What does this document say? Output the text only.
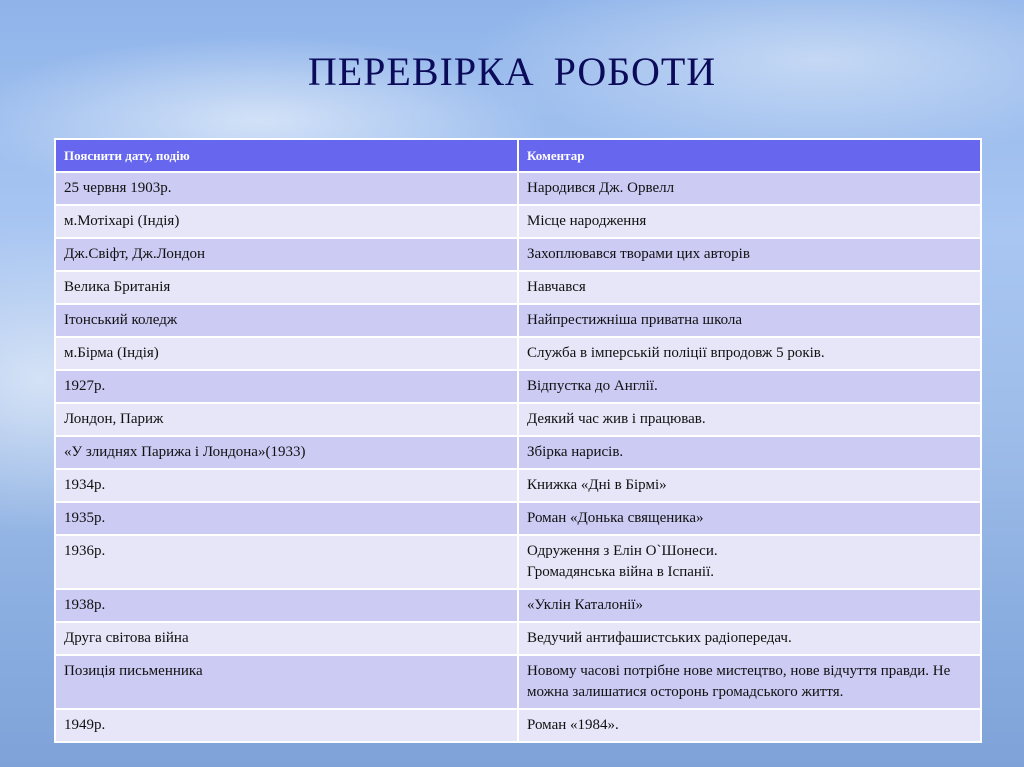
ПЕРЕВІРКА РОБОТИ
Пояснити дату, подію	Коментар
25 червня 1903р.	Народився Дж. Орвелл
м.Мотіхарі (Індія)	Місце народження
Дж.Свіфт, Дж.Лондон	Захоплювався творами цих авторів
Велика Британія	Навчався
Ітонський коледж	Найпрестижніша приватна школа
м.Бірма (Індія)	Служба в імперській поліції впродовж 5 років.
1927р.	Відпустка до Англії.
Лондон, Париж	Деякий час жив і працював.
«У злиднях Парижа і Лондона»(1933)	Збірка нарисів.
1934р.	Книжка «Дні в Бірмі»
1935р.	Роман «Донька священика»
1936р.	Одруження з Елін О`Шонеси.
Громадянська війна в Іспанії.
1938р.	«Уклін Каталонії»
Друга світова війна	Ведучий антифашистських радіопередач.
Позиція письменника	Новому часові потрібне нове мистецтво, нове відчуття правди. Не можна залишатися осторонь громадського життя.
1949р.	Роман «1984».
